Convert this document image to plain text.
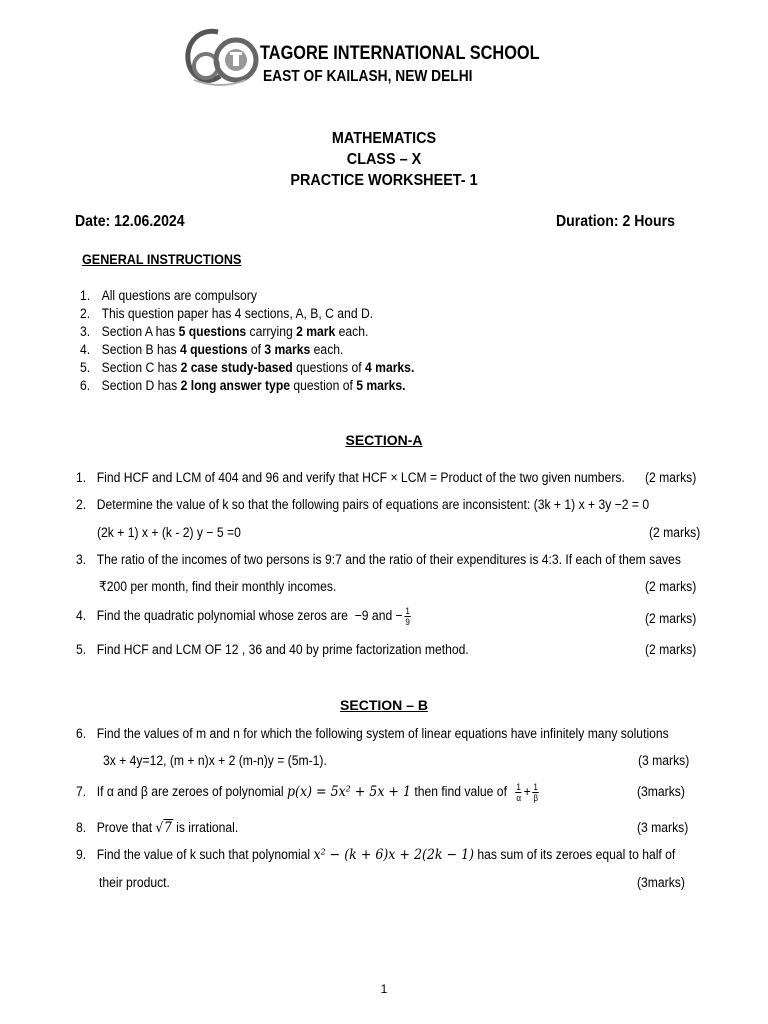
TAGORE INTERNATIONAL SCHOOL
EAST OF KAILASH, NEW DELHI
MATHEMATICS
CLASS – X
PRACTICE WORKSHEET- 1
Date: 12.06.2024	Duration: 2 Hours
GENERAL INSTRUCTIONS
1. All questions are compulsory
2. This question paper has 4 sections, A, B, C and D.
3. Section A has 5 questions carrying 2 mark each.
4. Section B has 4 questions of 3 marks each.
5. Section C has 2 case study-based questions of 4 marks.
6. Section D has 2 long answer type question of 5 marks.
SECTION-A
1. Find HCF and LCM of 404 and 96 and verify that HCF × LCM = Product of the two given numbers. (2 marks)
2. Determine the value of k so that the following pairs of equations are inconsistent: (3k + 1) x + 3y −2 = 0
(2k + 1) x + (k - 2) y − 5 =0	(2 marks)
3. The ratio of the incomes of two persons is 9:7 and the ratio of their expenditures is 4:3. If each of them saves
₹200 per month, find their monthly incomes.	(2 marks)
4. Find the quadratic polynomial whose zeros are −9 and − $\frac{1}{9}$	(2 marks)
5. Find HCF and LCM OF 12 , 36 and 40 by prime factorization method.	(2 marks)
SECTION – B
6. Find the values of m and n for which the following system of linear equations have infinitely many solutions
3x + 4y=12, (m + n)x + 2 (m-n)y = (5m-1).	(3 marks)
7. If α and β are zeroes of polynomial p(x) = 5x² + 5x + 1 then find value of $\frac{1}{\alpha} + \frac{1}{\beta}$	(3marks)
8. Prove that √7 is irrational.	(3 marks)
9. Find the value of k such that polynomial x² − (k + 6)x + 2(2k − 1) has sum of its zeroes equal to half of
their product.	(3marks)
1
